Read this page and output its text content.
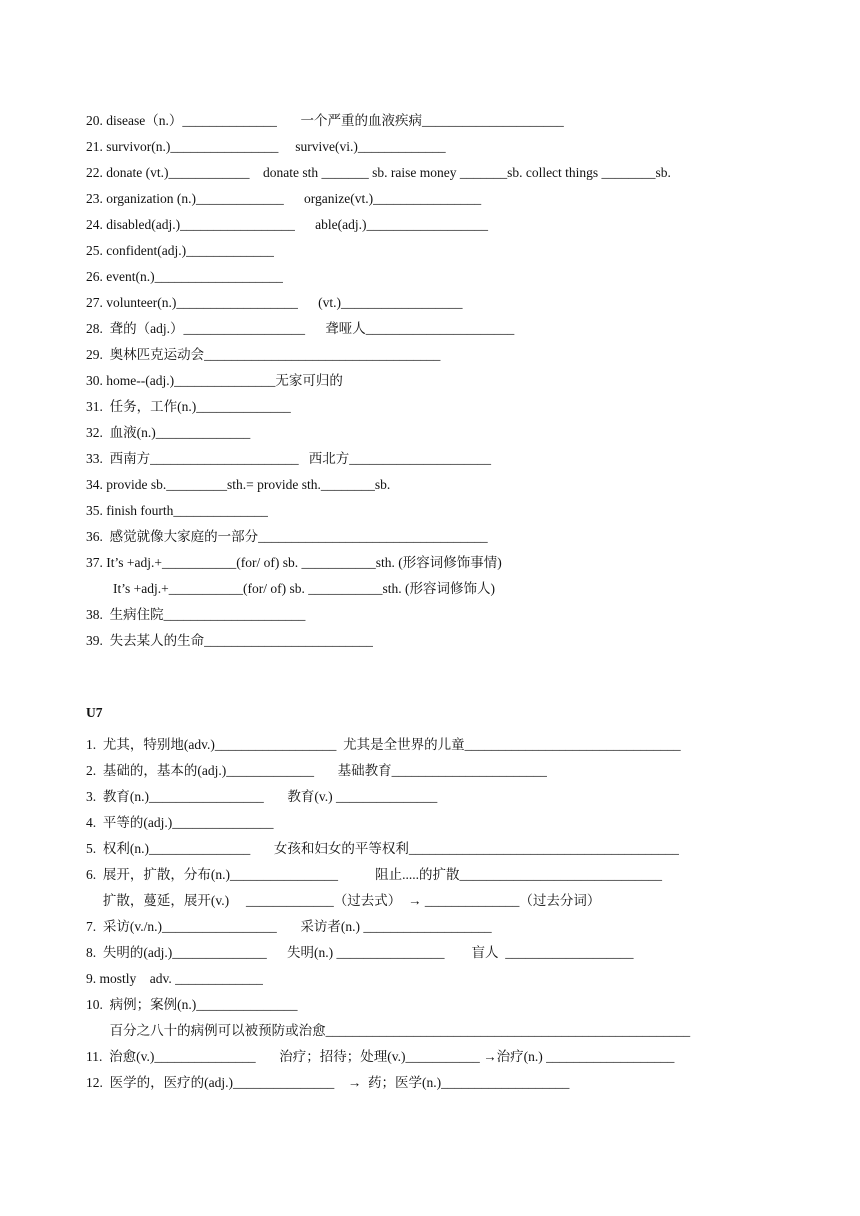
20. disease（n.）______________       一个严重的血液疾病_____________________
21. survivor(n.)________________     survive(vi.)_____________
22. donate (vt.)____________    donate sth _______ sb. raise money _______sb. collect things ________sb.
23. organization (n.)_____________      organize(vt.)________________
24. disabled(adj.)_________________      able(adj.)__________________
25. confident(adj.)_____________
26. event(n.)___________________
27. volunteer(n.)__________________      (vt.)__________________
28.  聋的（adj.）__________________      聋哑人______________________
29.  奥林匹克运动会___________________________________
30. home--(adj.)_______________无家可归的
31.  任务，工作(n.)______________
32.  血液(n.)______________
33.  西南方______________________   西北方_____________________
34. provide sb._________sth.= provide sth.________sb.
35. finish fourth______________
36.  感觉就像大家庭的一部分__________________________________
37. It’s +adj.+___________(for/ of) sb. ___________sth. (形容词修饰事情)
It’s +adj.+___________(for/ of) sb. ___________sth. (形容词修饰人)
38.  生病住院_____________________
39.  失去某人的生命_________________________
U7
1.  尤其，特别地(adv.)__________________  尤其是全世界的儿童________________________________
2.  基础的，基本的(adj.)_____________       基础教育_______________________
3.  教育(n.)_________________       教育(v.) _______________
4.  平等的(adj.)_______________
5.  权利(n.)_______________       女孩和妇女的平等权利________________________________________
6.  展开，扩散，分布(n.)________________           阻止.....的扩散______________________________
扩散，蔓延，展开(v.)     _____________（过去式）  → ______________（过去分词）
7.  采访(v./n.)_________________       采访者(n.) ___________________
8.  失明的(adj.)______________      失明(n.) ________________        盲人  ___________________
9. mostly    adv. _____________
10.  病例；案例(n.)_______________
百分之八十的病例可以被预防或治愈______________________________________________________
11.  治愈(v.)_______________       治疗；招待；处理(v.)___________ →治疗(n.) ___________________
12.  医学的，医疗的(adj.)_______________    →  药；医学(n.)___________________
